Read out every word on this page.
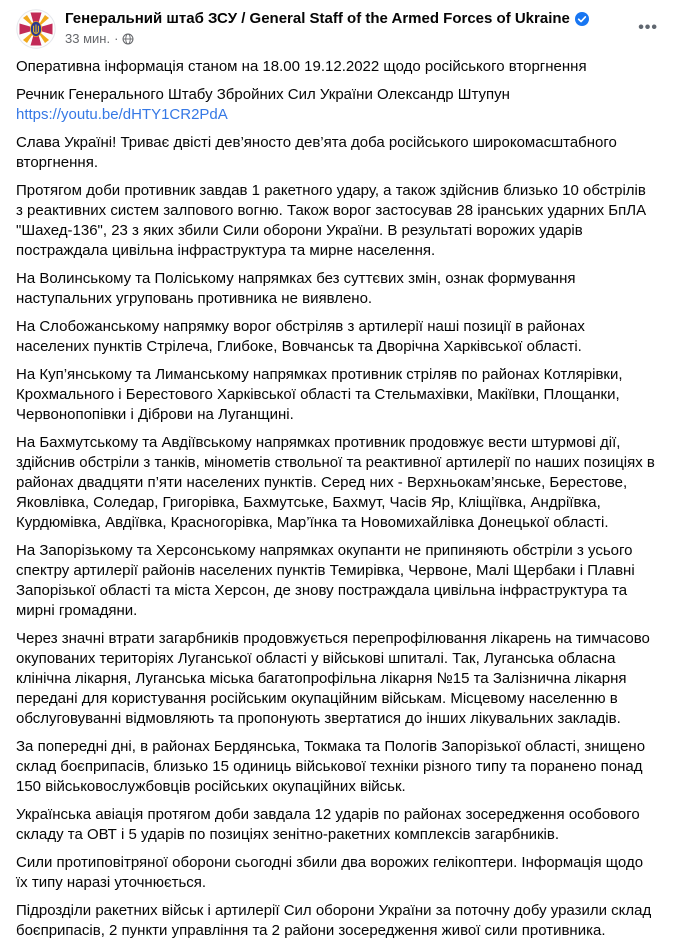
Генеральний штаб ЗСУ / General Staff of the Armed Forces of Ukraine
33 мин. ·
•••

Оперативна інформація станом на 18.00 19.12.2022 щодо російського вторгнення

Речник Генерального Штабу Збройних Сил України Олександр Штупун
https://youtu.be/dHTY1CR2PdA

Слава Україні! Триває двісті дев’яносто дев’ята доба російського широкомасштабного вторгнення.

Протягом доби противник завдав 1 ракетного удару, а також здійснив близько 10 обстрілів з реактивних систем залпового вогню. Також ворог застосував 28 іранських ударних БпЛА "Шахед-136", 23 з яких збили Сили оборони України. В результаті ворожих ударів постраждала цивільна інфраструктура та мирне населення.

На Волинському та Поліському напрямках без суттєвих змін, ознак формування наступальних угруповань противника не виявлено.

На Слобожанському напрямку ворог обстріляв з артилерії наші позиції в районах населених пунктів Стрілеча, Глибоке, Вовчанськ та Дворічна Харківської області.

На Куп’янському та Лиманському напрямках противник стріляв по районах Котлярівки, Крохмального і Берестового Харківської області та Стельмахівки, Макіївки, Площанки, Червонопопівки і Діброви на Луганщині.

На Бахмутському та Авдіївському напрямках противник продовжує вести штурмові дії, здійснив обстріли з танків, мінометів ствольної та реактивної артилерії по наших позиціях в районах двадцяти п’яти населених пунктів. Серед них - Верхньокам’янське, Берестове, Яковлівка, Соледар, Григорівка, Бахмутське, Бахмут, Часів Яр, Кліщіївка, Андріївка, Курдюмівка, Авдіївка, Красногорівка, Мар’їнка та Новомихайлівка Донецької області.

На Запорізькому та Херсонському напрямках окупанти не припиняють обстріли з усього спектру артилерії районів населених пунктів Темирівка, Червоне, Малі Щербаки і Плавні Запорізької області та міста Херсон, де знову постраждала цивільна інфраструктура та мирні громадяни.

Через значні втрати загарбників продовжується перепрофілювання лікарень на тимчасово окупованих територіях Луганської області у військові шпиталі. Так, Луганська обласна клінічна лікарня, Луганська міська багатопрофільна лікарня №15 та Залізнична лікарня передані для користування російським окупаційним військам. Місцевому населенню в обслуговуванні відмовляють та пропонують звертатися до інших лікувальних закладів.

За попередні дні, в районах Бердянська, Токмака та Пологів Запорізької області, знищено склад боєприпасів, близько 15 одиниць військової техніки різного типу та поранено понад 150 військовослужбовців російських окупаційних військ.

Українська авіація протягом доби завдала 12 ударів по районах зосередження особового складу та ОВТ і 5 ударів по позиціях зенітно-ракетних комплексів загарбників.

Сили протиповітряної оборони сьогодні збили два ворожих гелікоптери. Інформація щодо їх типу наразі уточнюється.

Підрозділи ракетних військ і артилерії Сил оборони України за поточну добу уразили склад боєприпасів, 2 пункти управління та 2 райони зосередження живої сили противника.
